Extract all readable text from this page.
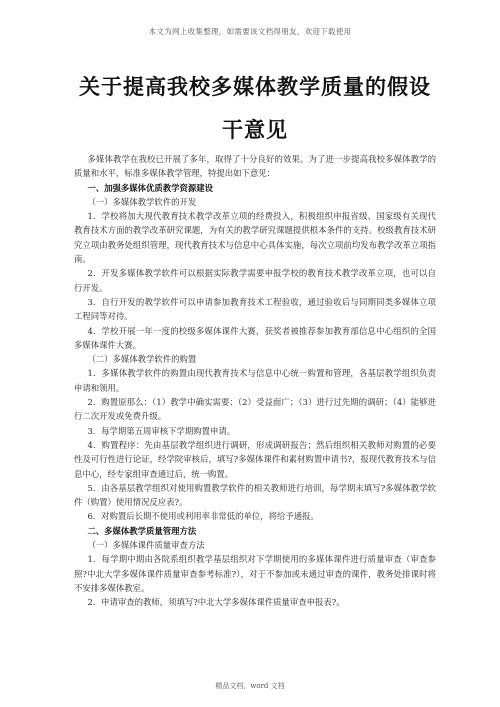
本文为网上收集整理，如需要该文档得朋友，欢迎下载使用
关于提高我校多媒体教学质量的假设干意见

多媒体教学在我校已开展了多年，取得了十分良好的效果。为了进一步提高我校多媒体教学的质量和水平，标准多媒体教学管理，特提出如下意见：

一、加强多媒体优质教学资源建设

（一）多媒体教学软件的开发

1．学校将加大现代教育技术教学改革立项的经费投入，积极组织申报省级、国家级有关现代教育技术方面的教学改革研究课题，为有关的教学研究课题提供根本条件的支持。校级教育技术研究立项由教务处组织管理，现代教育技术与信息中心具体实施，每次立项前均发布教学改革立项指南。

2．开发多媒体教学软件可以根据实际教学需要申报学校的教育技术教学改革立项，也可以自行开发。

3．自行开发的教学软件可以申请参加教育技术工程验收，通过验收后与同期同类多媒体立项工程同等对待。

4．学校开展一年一度的校级多媒体课件大赛，获奖者被推荐参加教育部信息中心组织的全国多媒体课件大赛。

（二）多媒体教学软件的购置

1．多媒体教学软件的购置由现代教育技术与信息中心统一购置和管理，各基层教学组织负责申请和领用。

2．购置原那么：（1）教学中确实需要；（2）受益面广；（3）进行过先期的调研；（4）能够进行二次开发或免费升级。

3．每学期第五周审核下学期购置申请。

4．购置程序：先由基层教学组织进行调研，形成调研报告；然后组织相关教师对购置的必要性及可行性进行论证，经学院审核后，填写?多媒体课件和素材购置申请书?，报现代教育技术与信息中心，经专家组审查通过后，统一购置。

5．由各基层教学组织对使用购置教学软件的相关教师进行培训，每学期末填写?多媒体教学软件（购置）使用情况反应表?。

6．对购置后长期不使用或利用率非常低的单位，将给予通报。

二、多媒体教学质量管理方法

（一）多媒体课件质量审查方法

1．每学期中期由各院系组织教学基层组织对下学期使用的多媒体课件进行质量审查（审查参照?中北大学多媒体课件质量审查参考标准?），对于不参加或未通过审查的课件，教务处排课时将不安排多媒体教室。

2．申请审查的教师，须填写?中北大学多媒体课件质量审查申报表?。

精品文档，word 文档
